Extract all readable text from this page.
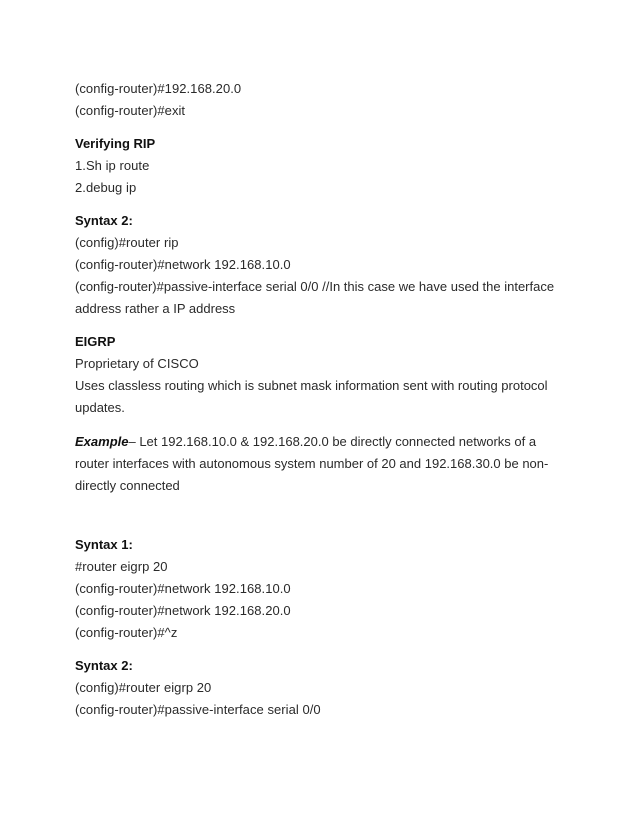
(config-router)#192.168.20.0
(config-router)#exit
Verifying RIP
1.Sh ip route
2.debug ip
Syntax 2:
(config)#router rip
(config-router)#network 192.168.10.0
(config-router)#passive-interface serial 0/0 //In this case we have used the interface address rather a IP address
EIGRP
Proprietary of CISCO
Uses classless routing which is subnet mask information sent with routing protocol updates.
Example– Let 192.168.10.0 & 192.168.20.0 be directly connected networks of a router interfaces with autonomous system number of 20 and 192.168.30.0 be non-directly connected
Syntax 1:
#router eigrp 20
(config-router)#network 192.168.10.0
(config-router)#network 192.168.20.0
(config-router)#^z
Syntax 2:
(config)#router eigrp 20
(config-router)#passive-interface serial 0/0
